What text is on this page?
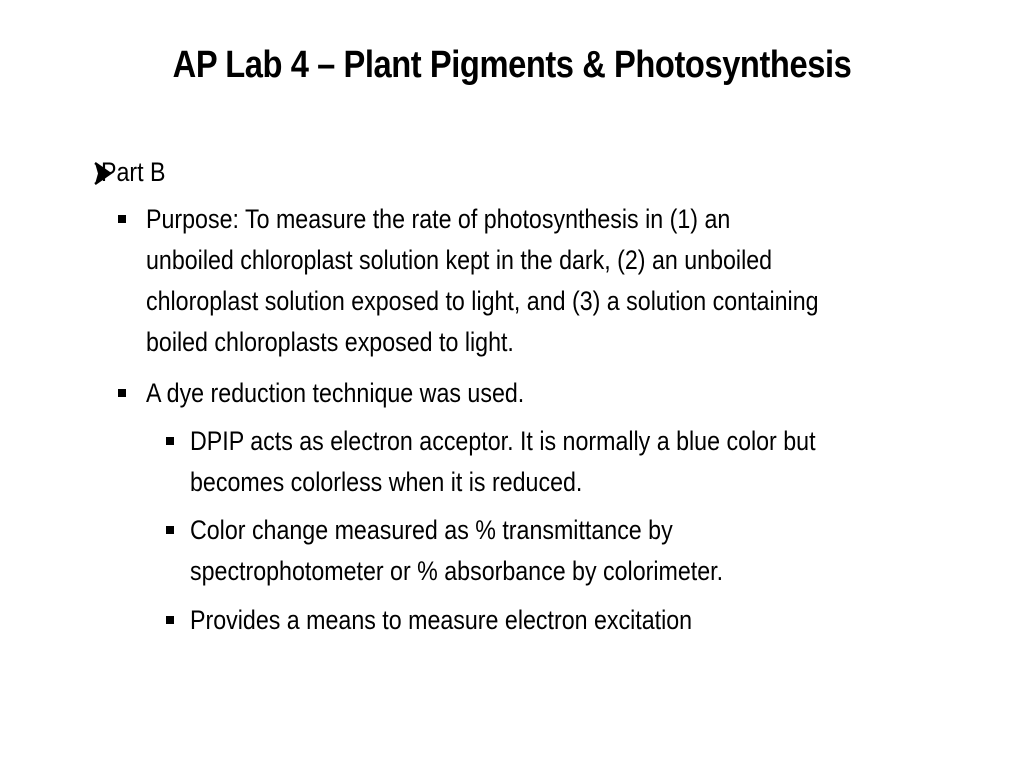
AP Lab 4 – Plant Pigments & Photosynthesis
Part B
Purpose: To measure the rate of photosynthesis in (1) an
unboiled chloroplast solution kept in the dark, (2) an unboiled
chloroplast solution exposed to light, and (3) a solution containing
boiled chloroplasts exposed to light.
A dye reduction technique was used.
DPIP acts as electron acceptor. It is normally a blue color but
becomes colorless when it is reduced.
Color change measured as % transmittance by
spectrophotometer or % absorbance by colorimeter.
Provides a means to measure electron excitation
